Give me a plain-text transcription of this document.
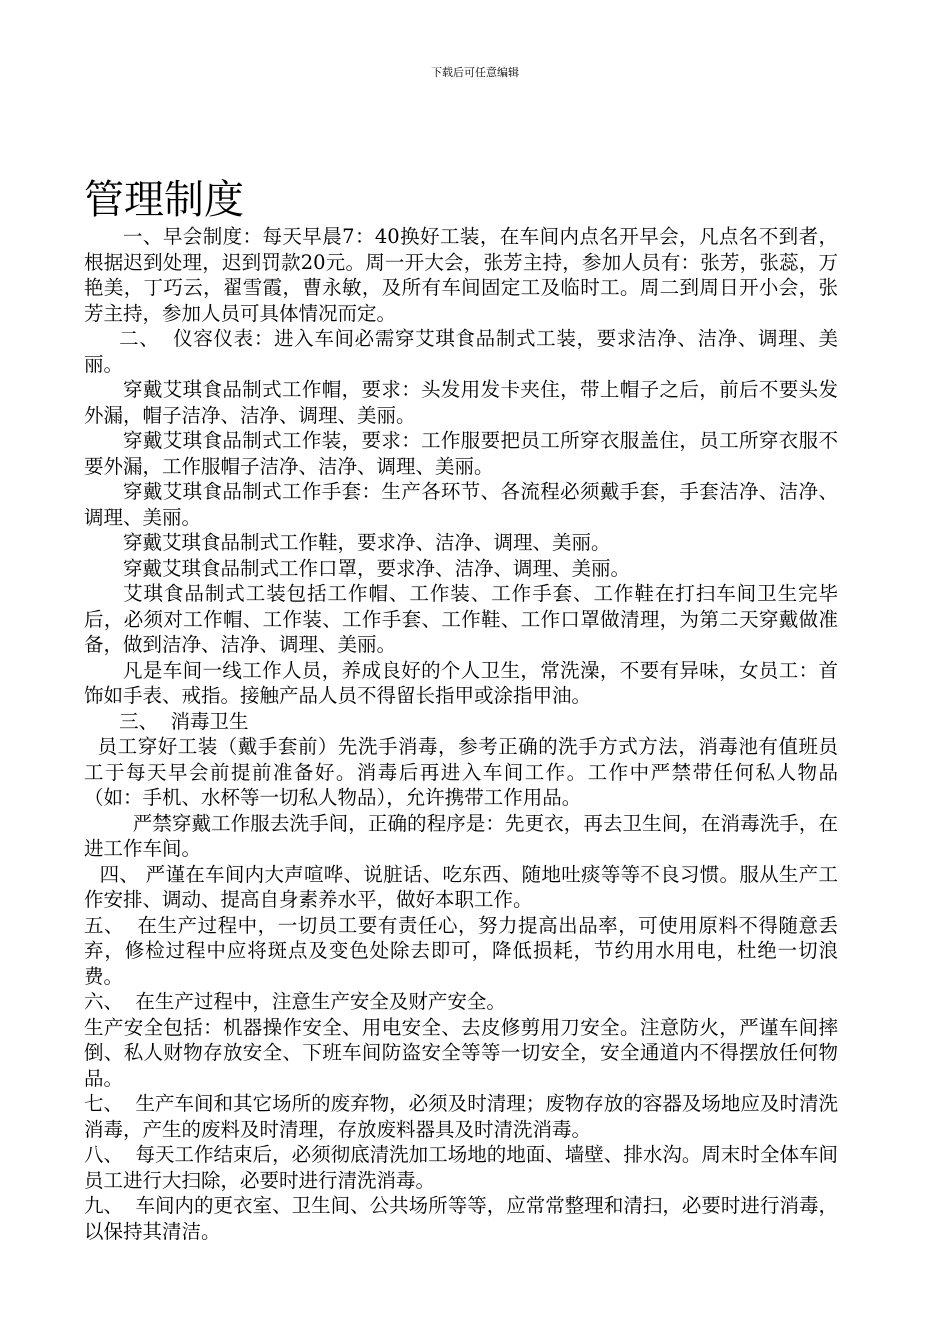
下载后可任意编辑
管理制度

一、早会制度：每天早晨7：40换好工装，在车间内点名开早会，凡点名不到者，根据迟到处理，迟到罚款20元。周一开大会，张芳主持，参加人员有：张芳，张蕊，万艳美，丁巧云，翟雪霞，曹永敏，及所有车间固定工及临时工。周二到周日开小会，张芳主持，参加人员可具体情况而定。

二、  仪容仪表：进入车间必需穿艾琪食品制式工装，要求洁净、洁净、调理、美丽。

穿戴艾琪食品制式工作帽，要求：头发用发卡夹住，带上帽子之后，前后不要头发外漏，帽子洁净、洁净、调理、美丽。

穿戴艾琪食品制式工作装，要求：工作服要把员工所穿衣服盖住，员工所穿衣服不要外漏，工作服帽子洁净、洁净、调理、美丽。

穿戴艾琪食品制式工作手套：生产各环节、各流程必须戴手套，手套洁净、洁净、调理、美丽。

穿戴艾琪食品制式工作鞋，要求净、洁净、调理、美丽。

穿戴艾琪食品制式工作口罩，要求净、洁净、调理、美丽。

艾琪食品制式工装包括工作帽、工作装、工作手套、工作鞋在打扫车间卫生完毕后，必须对工作帽、工作装、工作手套、工作鞋、工作口罩做清理，为第二天穿戴做准备，做到洁净、洁净、调理、美丽。

凡是车间一线工作人员，养成良好的个人卫生，常洗澡，不要有异味，女员工：首饰如手表、戒指。接触产品人员不得留长指甲或涂指甲油。

三、  消毒卫生

员工穿好工装（戴手套前）先洗手消毒，参考正确的洗手方式方法，消毒池有值班员工于每天早会前提前准备好。消毒后再进入车间工作。工作中严禁带任何私人物品（如：手机、水杯等一切私人物品），允许携带工作用品。

严禁穿戴工作服去洗手间，正确的程序是：先更衣，再去卫生间，在消毒洗手，在进工作车间。

四、 严谨在车间内大声喧哗、说脏话、吃东西、随地吐痰等等不良习惯。服从生产工作安排、调动、提高自身素养水平，做好本职工作。

五、  在生产过程中，一切员工要有责任心，努力提高出品率，可使用原料不得随意丢弃，修检过程中应将斑点及变色处除去即可，降低损耗，节约用水用电，杜绝一切浪费。

六、  在生产过程中，注意生产安全及财产安全。

生产安全包括：机器操作安全、用电安全、去皮修剪用刀安全。注意防火，严谨车间摔倒、私人财物存放安全、下班车间防盗安全等等一切安全，安全通道内不得摆放任何物品。

七、  生产车间和其它场所的废弃物，必须及时清理；废物存放的容器及场地应及时清洗消毒，产生的废料及时清理，存放废料器具及时清洗消毒。

八、  每天工作结束后，必须彻底清洗加工场地的地面、墙壁、排水沟。周末时全体车间员工进行大扫除，必要时进行清洗消毒。

九、  车间内的更衣室、卫生间、公共场所等等，应常常整理和清扫，必要时进行消毒，以保持其清洁。
